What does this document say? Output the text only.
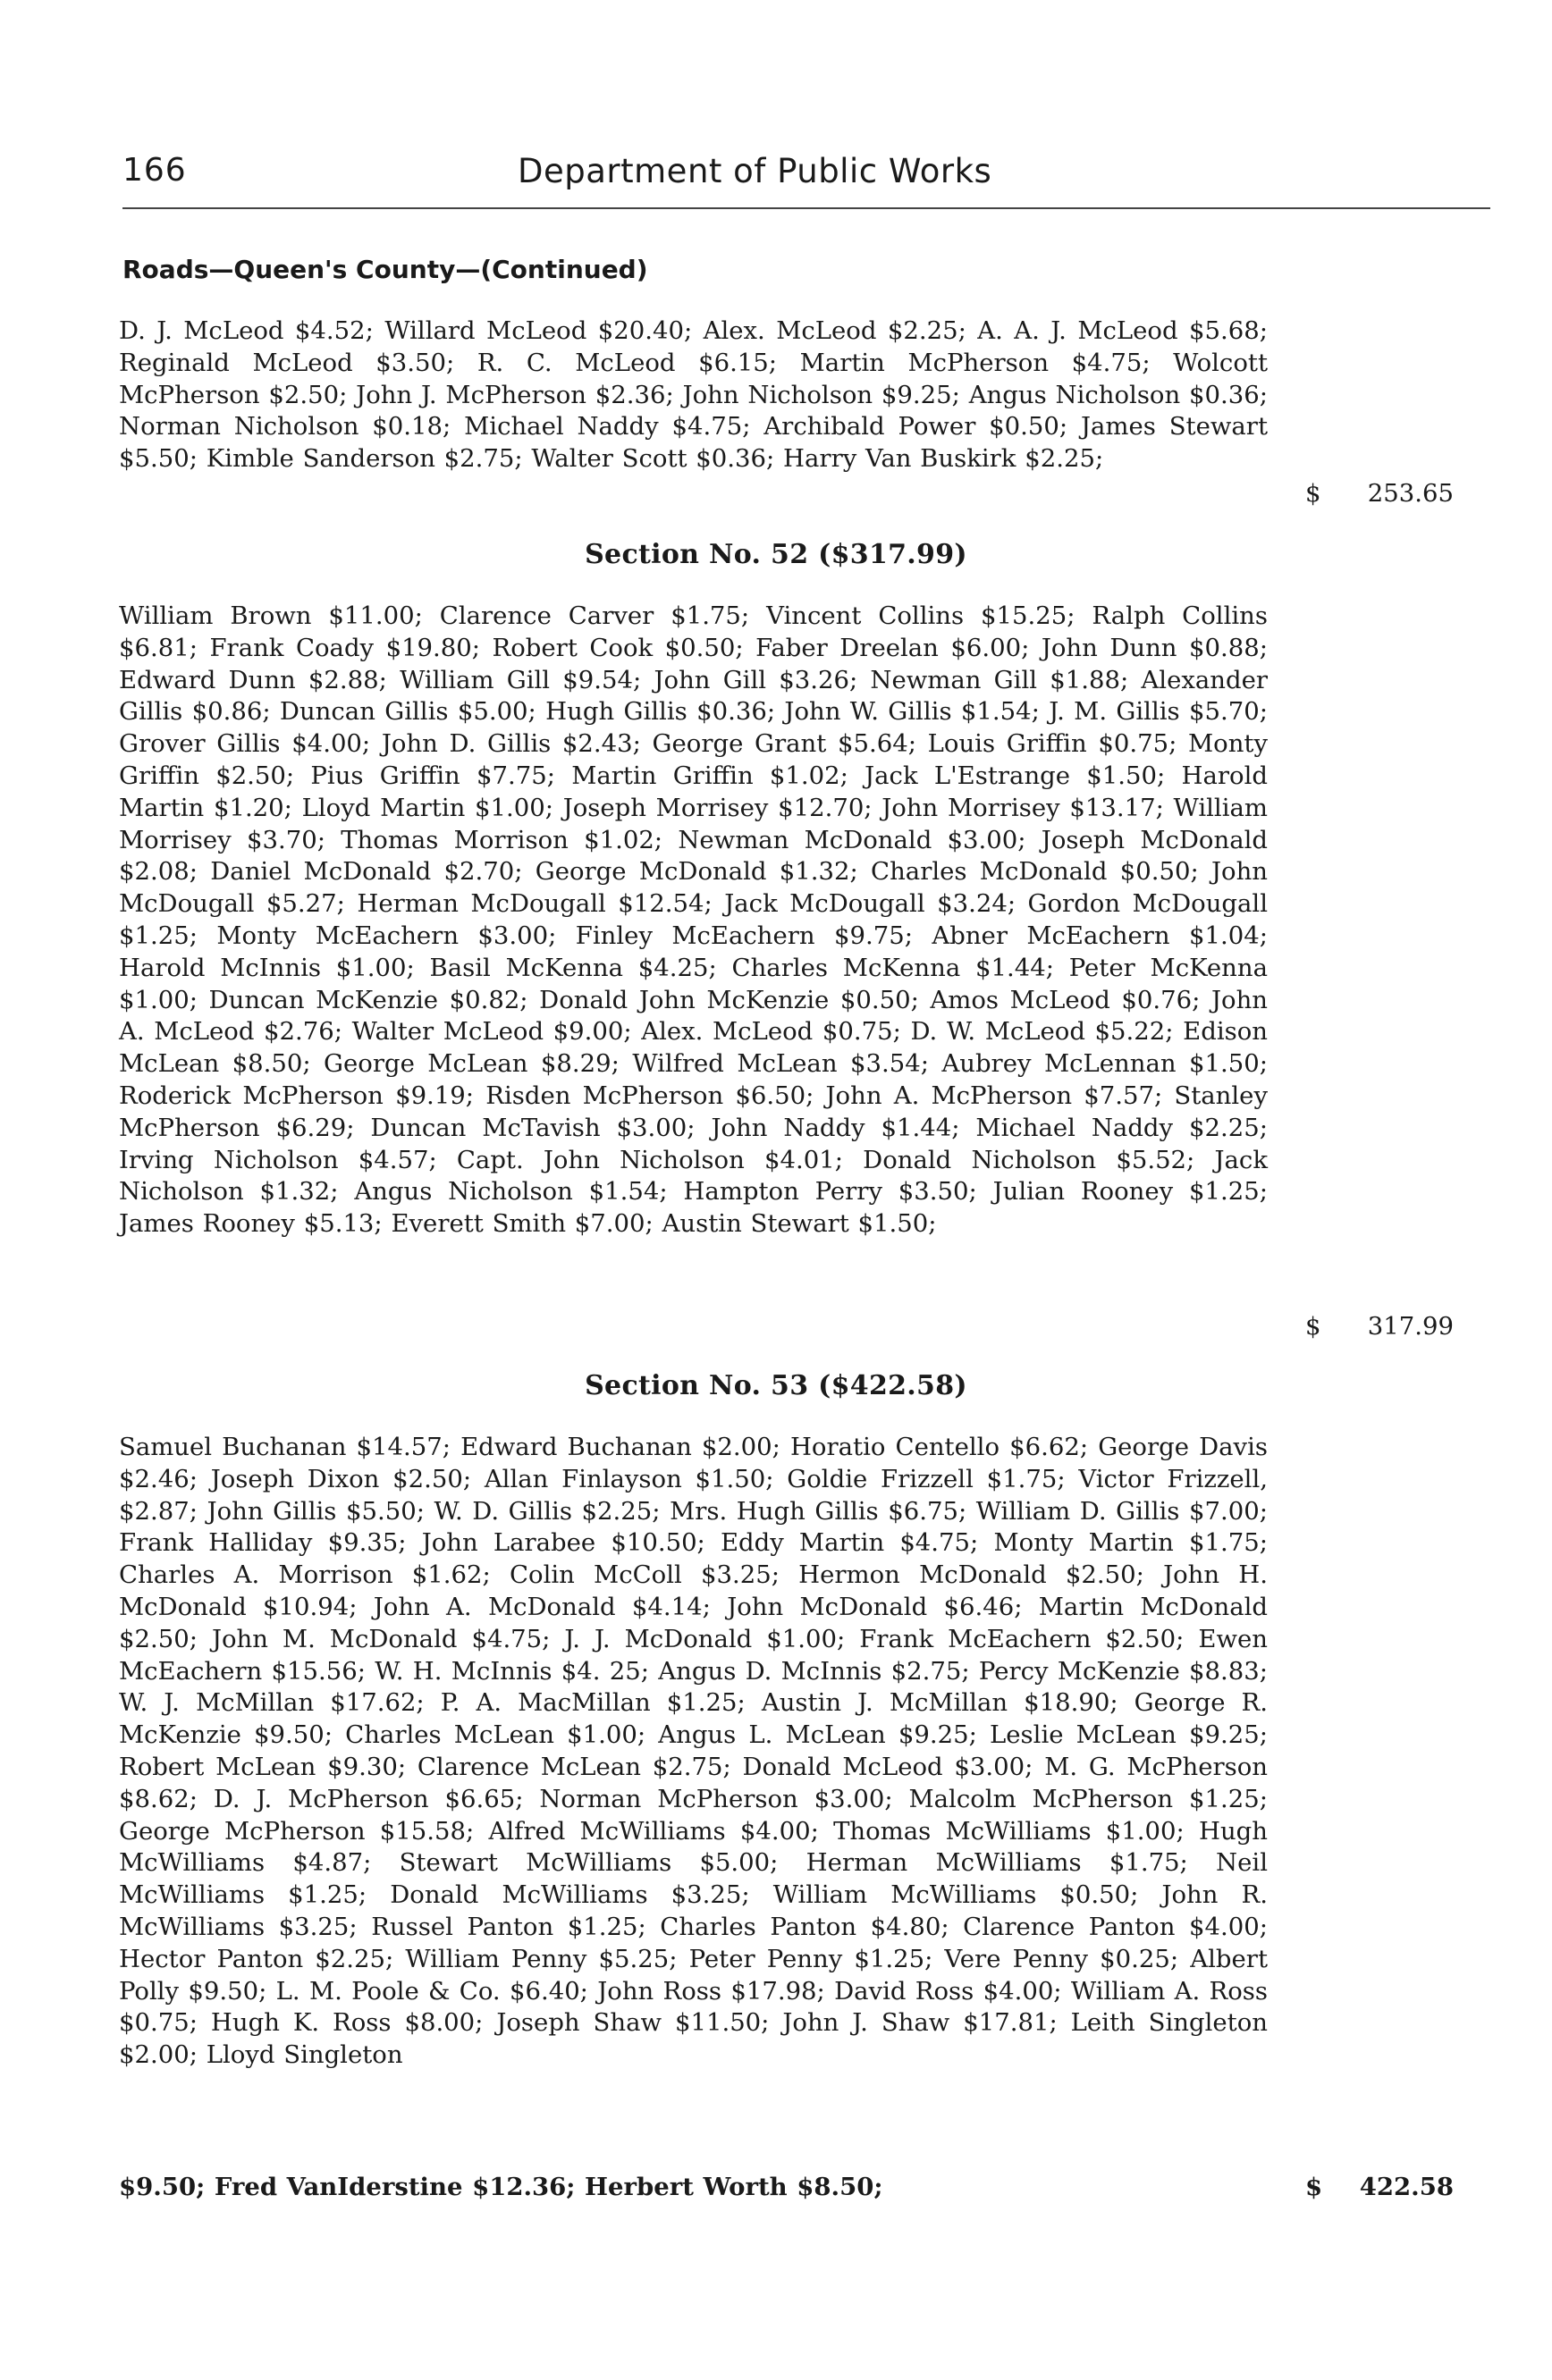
166	Department of Public Works
Roads—Queen's County—(Continued)
D. J. McLeod $4.52; Willard McLeod $20.40; Alex. McLeod $2.25; A. A. J. McLeod $5.68; Reginald McLeod $3.50; R. C. McLeod $6.15; Martin McPherson $4.75; Wolcott McPherson $2.50; John J. McPherson $2.36; John Nicholson $9.25; Angus Nicholson $0.36; Norman Nicholson $0.18; Michael Naddy $4.75; Archibald Power $0.50; James Stewart $5.50; Kimble Sanderson $2.75; Walter Scott $0.36; Harry Van Buskirk $2.25;
$ 253.65
Section No. 52 ($317.99)
William Brown $11.00; Clarence Carver $1.75; Vincent Collins $15.25; Ralph Collins $6.81; Frank Coady $19.80; Robert Cook $0.50; Faber Dreelan $6.00; John Dunn $0.88; Edward Dunn $2.88; William Gill $9.54; John Gill $3.26; Newman Gill $1.88; Alexander Gillis $0.86; Duncan Gillis $5.00; Hugh Gillis $0.36; John W. Gillis $1.54; J. M. Gillis $5.70; Grover Gillis $4.00; John D. Gillis $2.43; George Grant $5.64; Louis Griffin $0.75; Monty Griffin $2.50; Pius Griffin $7.75; Martin Griffin $1.02; Jack L'Estrange $1.50; Harold Martin $1.20; Lloyd Martin $1.00; Joseph Morrisey $12.70; John Morrisey $13.17; William Morrisey $3.70; Thomas Morrison $1.02; Newman McDonald $3.00; Joseph McDonald $2.08; Daniel McDonald $2.70; George McDonald $1.32; Charles McDonald $0.50; John McDougall $5.27; Herman McDougall $12.54; Jack McDougall $3.24; Gordon McDougall $1.25; Monty McEachern $3.00; Finley McEachern $9.75; Abner McEachern $1.04; Harold McInnis $1.00; Basil McKenna $4.25; Charles McKenna $1.44; Peter McKenna $1.00; Duncan McKenzie $0.82; Donald John McKenzie $0.50; Amos McLeod $0.76; John A. McLeod $2.76; Walter McLeod $9.00; Alex. McLeod $0.75; D. W. McLeod $5.22; Edison McLean $8.50; George McLean $8.29; Wilfred McLean $3.54; Aubrey McLennan $1.50; Roderick McPherson $9.19; Risden McPherson $6.50; John A. McPherson $7.57; Stanley McPherson $6.29; Duncan McTavish $3.00; John Naddy $1.44; Michael Naddy $2.25; Irving Nicholson $4.57; Capt. John Nicholson $4.01; Donald Nicholson $5.52; Jack Nicholson $1.32; Angus Nicholson $1.54; Hampton Perry $3.50; Julian Rooney $1.25; James Rooney $5.13; Everett Smith $7.00; Austin Stewart $1.50;
$ 317.99
Section No. 53 ($422.58)
Samuel Buchanan $14.57; Edward Buchanan $2.00; Horatio Centello $6.62; George Davis $2.46; Joseph Dixon $2.50; Allan Finlayson $1.50; Goldie Frizzell $1.75; Victor Frizzell, $2.87; John Gillis $5.50; W. D. Gillis $2.25; Mrs. Hugh Gillis $6.75; William D. Gillis $7.00; Frank Halliday $9.35; John Larabee $10.50; Eddy Martin $4.75; Monty Martin $1.75; Charles A. Morrison $1.62; Colin McColl $3.25; Hermon McDonald $2.50; John H. McDonald $10.94; John A. McDonald $4.14; John McDonald $6.46; Martin McDonald $2.50; John M. McDonald $4.75; J. J. McDonald $1.00; Frank McEachern $2.50; Ewen McEachern $15.56; W. H. McInnis $4. 25; Angus D. McInnis $2.75; Percy McKenzie $8.83; W. J. McMillan $17.62; P. A. MacMillan $1.25; Austin J. McMillan $18.90; George R. McKenzie $9.50; Charles McLean $1.00; Angus L. McLean $9.25; Leslie McLean $9.25; Robert McLean $9.30; Clarence McLean $2.75; Donald McLeod $3.00; M. G. McPherson $8.62; D. J. McPherson $6.65; Norman McPherson $3.00; Malcolm McPherson $1.25; George McPherson $15.58; Alfred McWilliams $4.00; Thomas McWilliams $1.00; Hugh McWilliams $4.87; Stewart McWilliams $5.00; Herman McWilliams $1.75; Neil McWilliams $1.25; Donald McWilliams $3.25; William McWilliams $0.50; John R. McWilliams $3.25; Russel Panton $1.25; Charles Panton $4.80; Clarence Panton $4.00; Hector Panton $2.25; William Penny $5.25; Peter Penny $1.25; Vere Penny $0.25; Albert Polly $9.50; L. M. Poole & Co. $6.40; John Ross $17.98; David Ross $4.00; William A. Ross $0.75; Hugh K. Ross $8.00; Joseph Shaw $11.50; John J. Shaw $17.81; Leith Singleton $2.00; Lloyd Singleton
$9.50; Fred VanIderstine $12.36; Herbert Worth $8.50;	$ 422.58
